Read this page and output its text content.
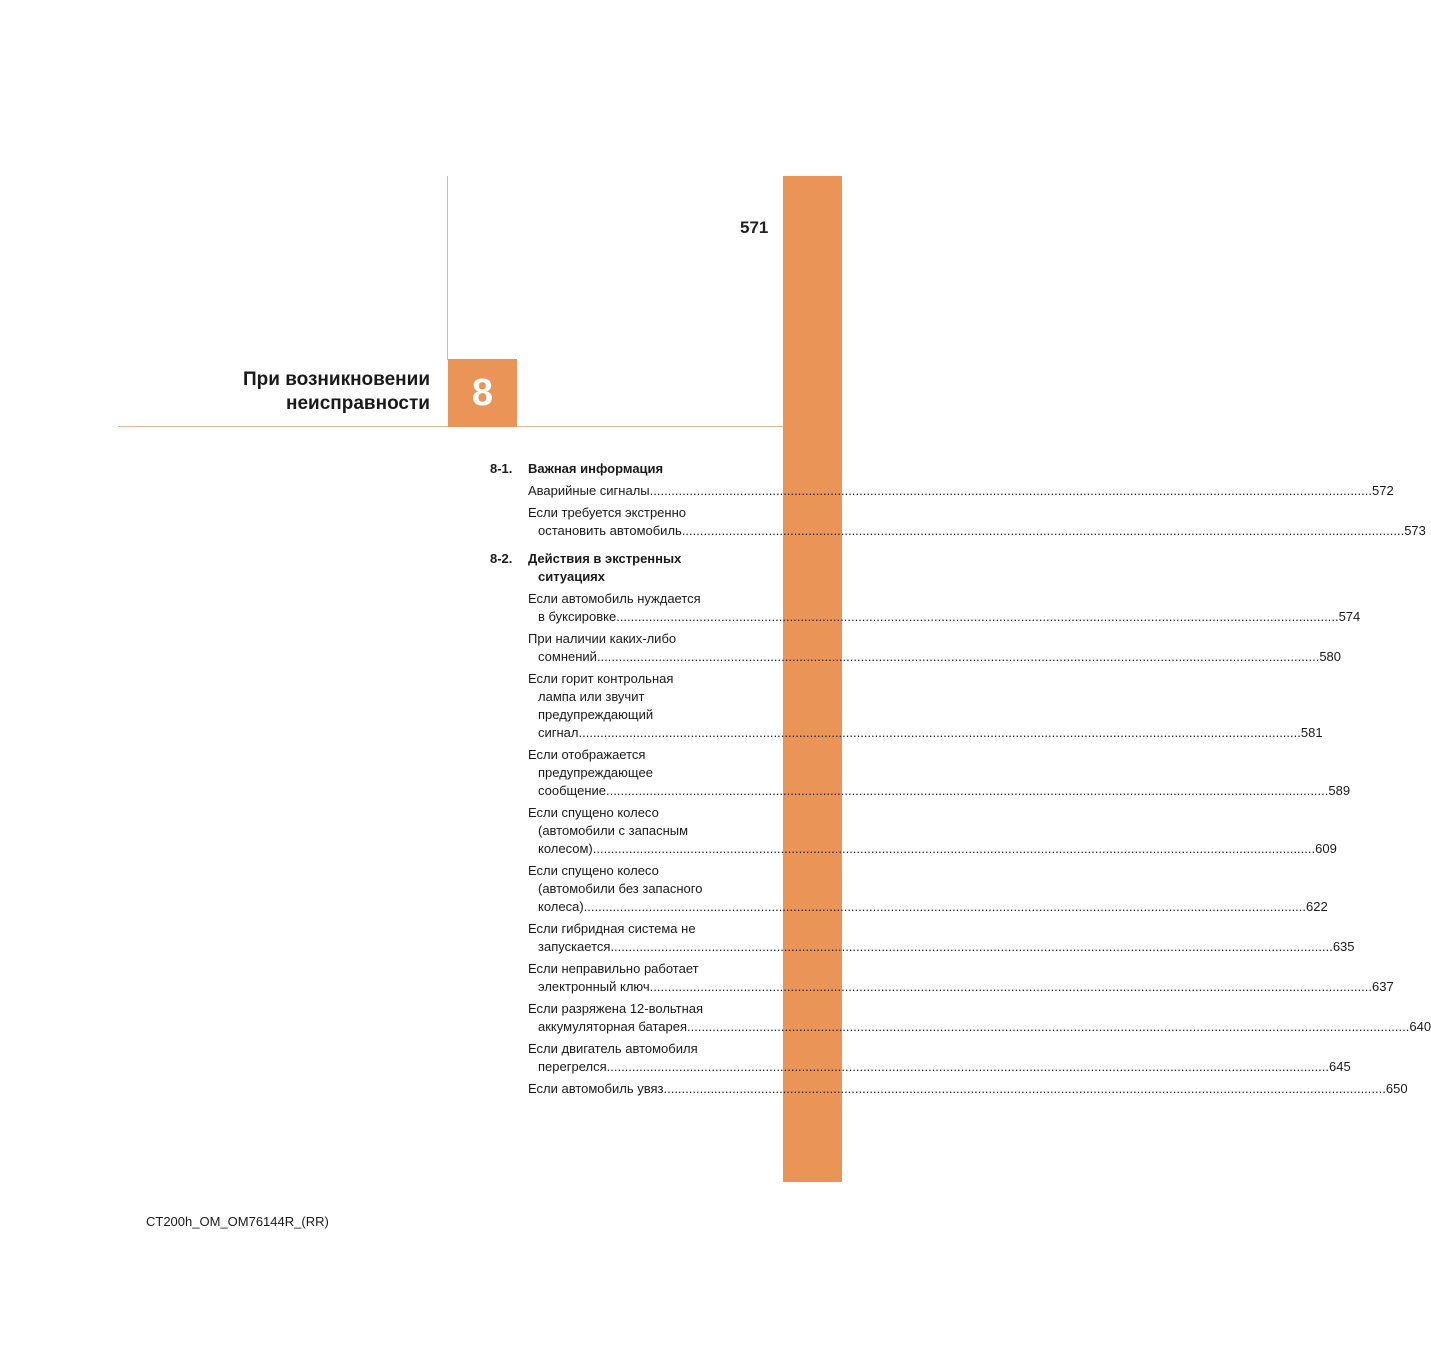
571
При возникновении
неисправности 8
8-1.	Важная информация
Аварийные сигналы ........................................................................................................................................................................................................ 572
Если требуется экстренно
остановить автомобиль ........................................................................................................................................................................................................ 573
8-2.	Действия в экстренных
ситуациях
Если автомобиль нуждается
в буксировке ........................................................................................................................................................................................................ 574
При наличии каких-либо
сомнений ........................................................................................................................................................................................................ 580
Если горит контрольная
лампа или звучит
предупреждающий
сигнал ........................................................................................................................................................................................................ 581
Если отображается
предупреждающее
сообщение ........................................................................................................................................................................................................ 589
Если спущено колесо
(автомобили с запасным
колесом) ........................................................................................................................................................................................................ 609
Если спущено колесо
(автомобили без запасного
колеса) ........................................................................................................................................................................................................ 622
Если гибридная система не
запускается ........................................................................................................................................................................................................ 635
Если неправильно работает
электронный ключ ........................................................................................................................................................................................................ 637
Если разряжена 12-вольтная
аккумуляторная батарея ........................................................................................................................................................................................................ 640
Если двигатель автомобиля
перегрелся ........................................................................................................................................................................................................ 645
Если автомобиль увяз ........................................................................................................................................................................................................ 650
CT200h_OM_OM76144R_(RR)
